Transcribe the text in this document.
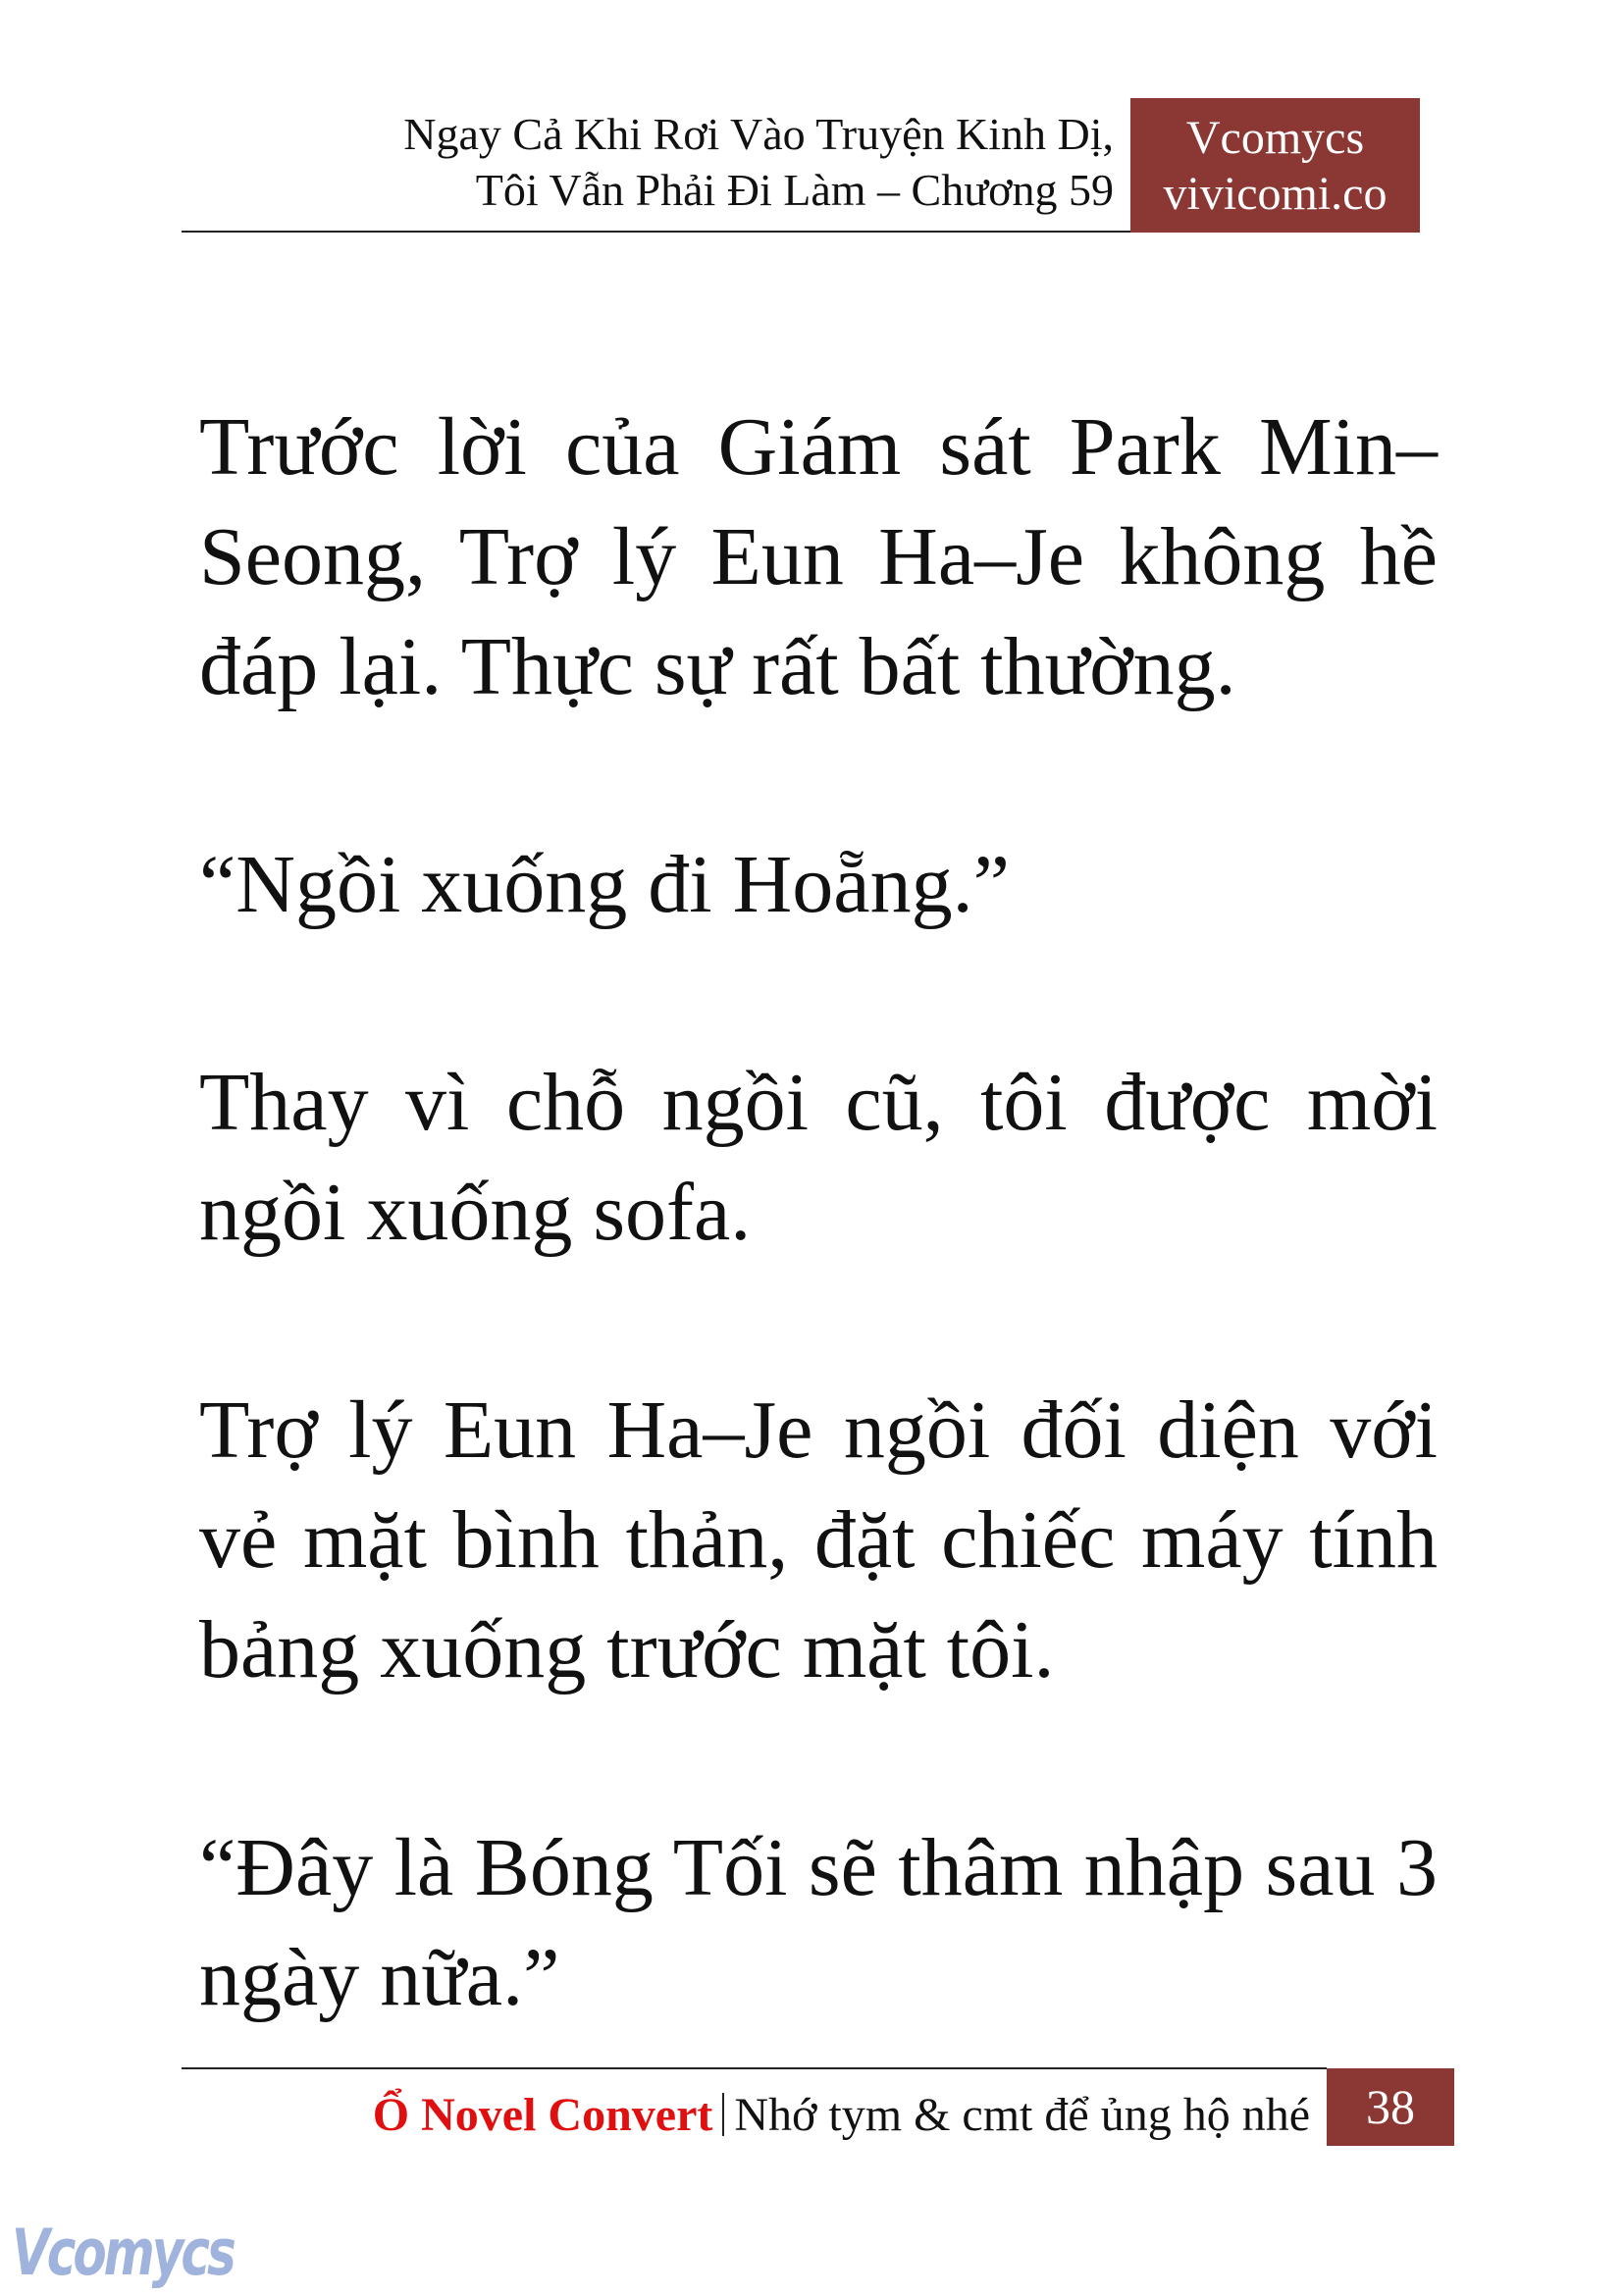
Ngay Cả Khi Rơi Vào Truyện Kinh Dị,
Tôi Vẫn Phải Đi Làm – Chương 59
Vcomycs
vivicomi.co

Trước lời của Giám sát Park Min–Seong, Trợ lý Eun Ha–Je không hề đáp lại. Thực sự rất bất thường.

“Ngồi xuống đi Hoẵng.”

Thay vì chỗ ngồi cũ, tôi được mời ngồi xuống sofa.

Trợ lý Eun Ha–Je ngồi đối diện với vẻ mặt bình thản, đặt chiếc máy tính bảng xuống trước mặt tôi.

“Đây là Bóng Tối sẽ thâm nhập sau 3 ngày nữa.”

Ổ Novel Convert Nhớ tym & cmt để ủng hộ nhé	38
Vcomycs
